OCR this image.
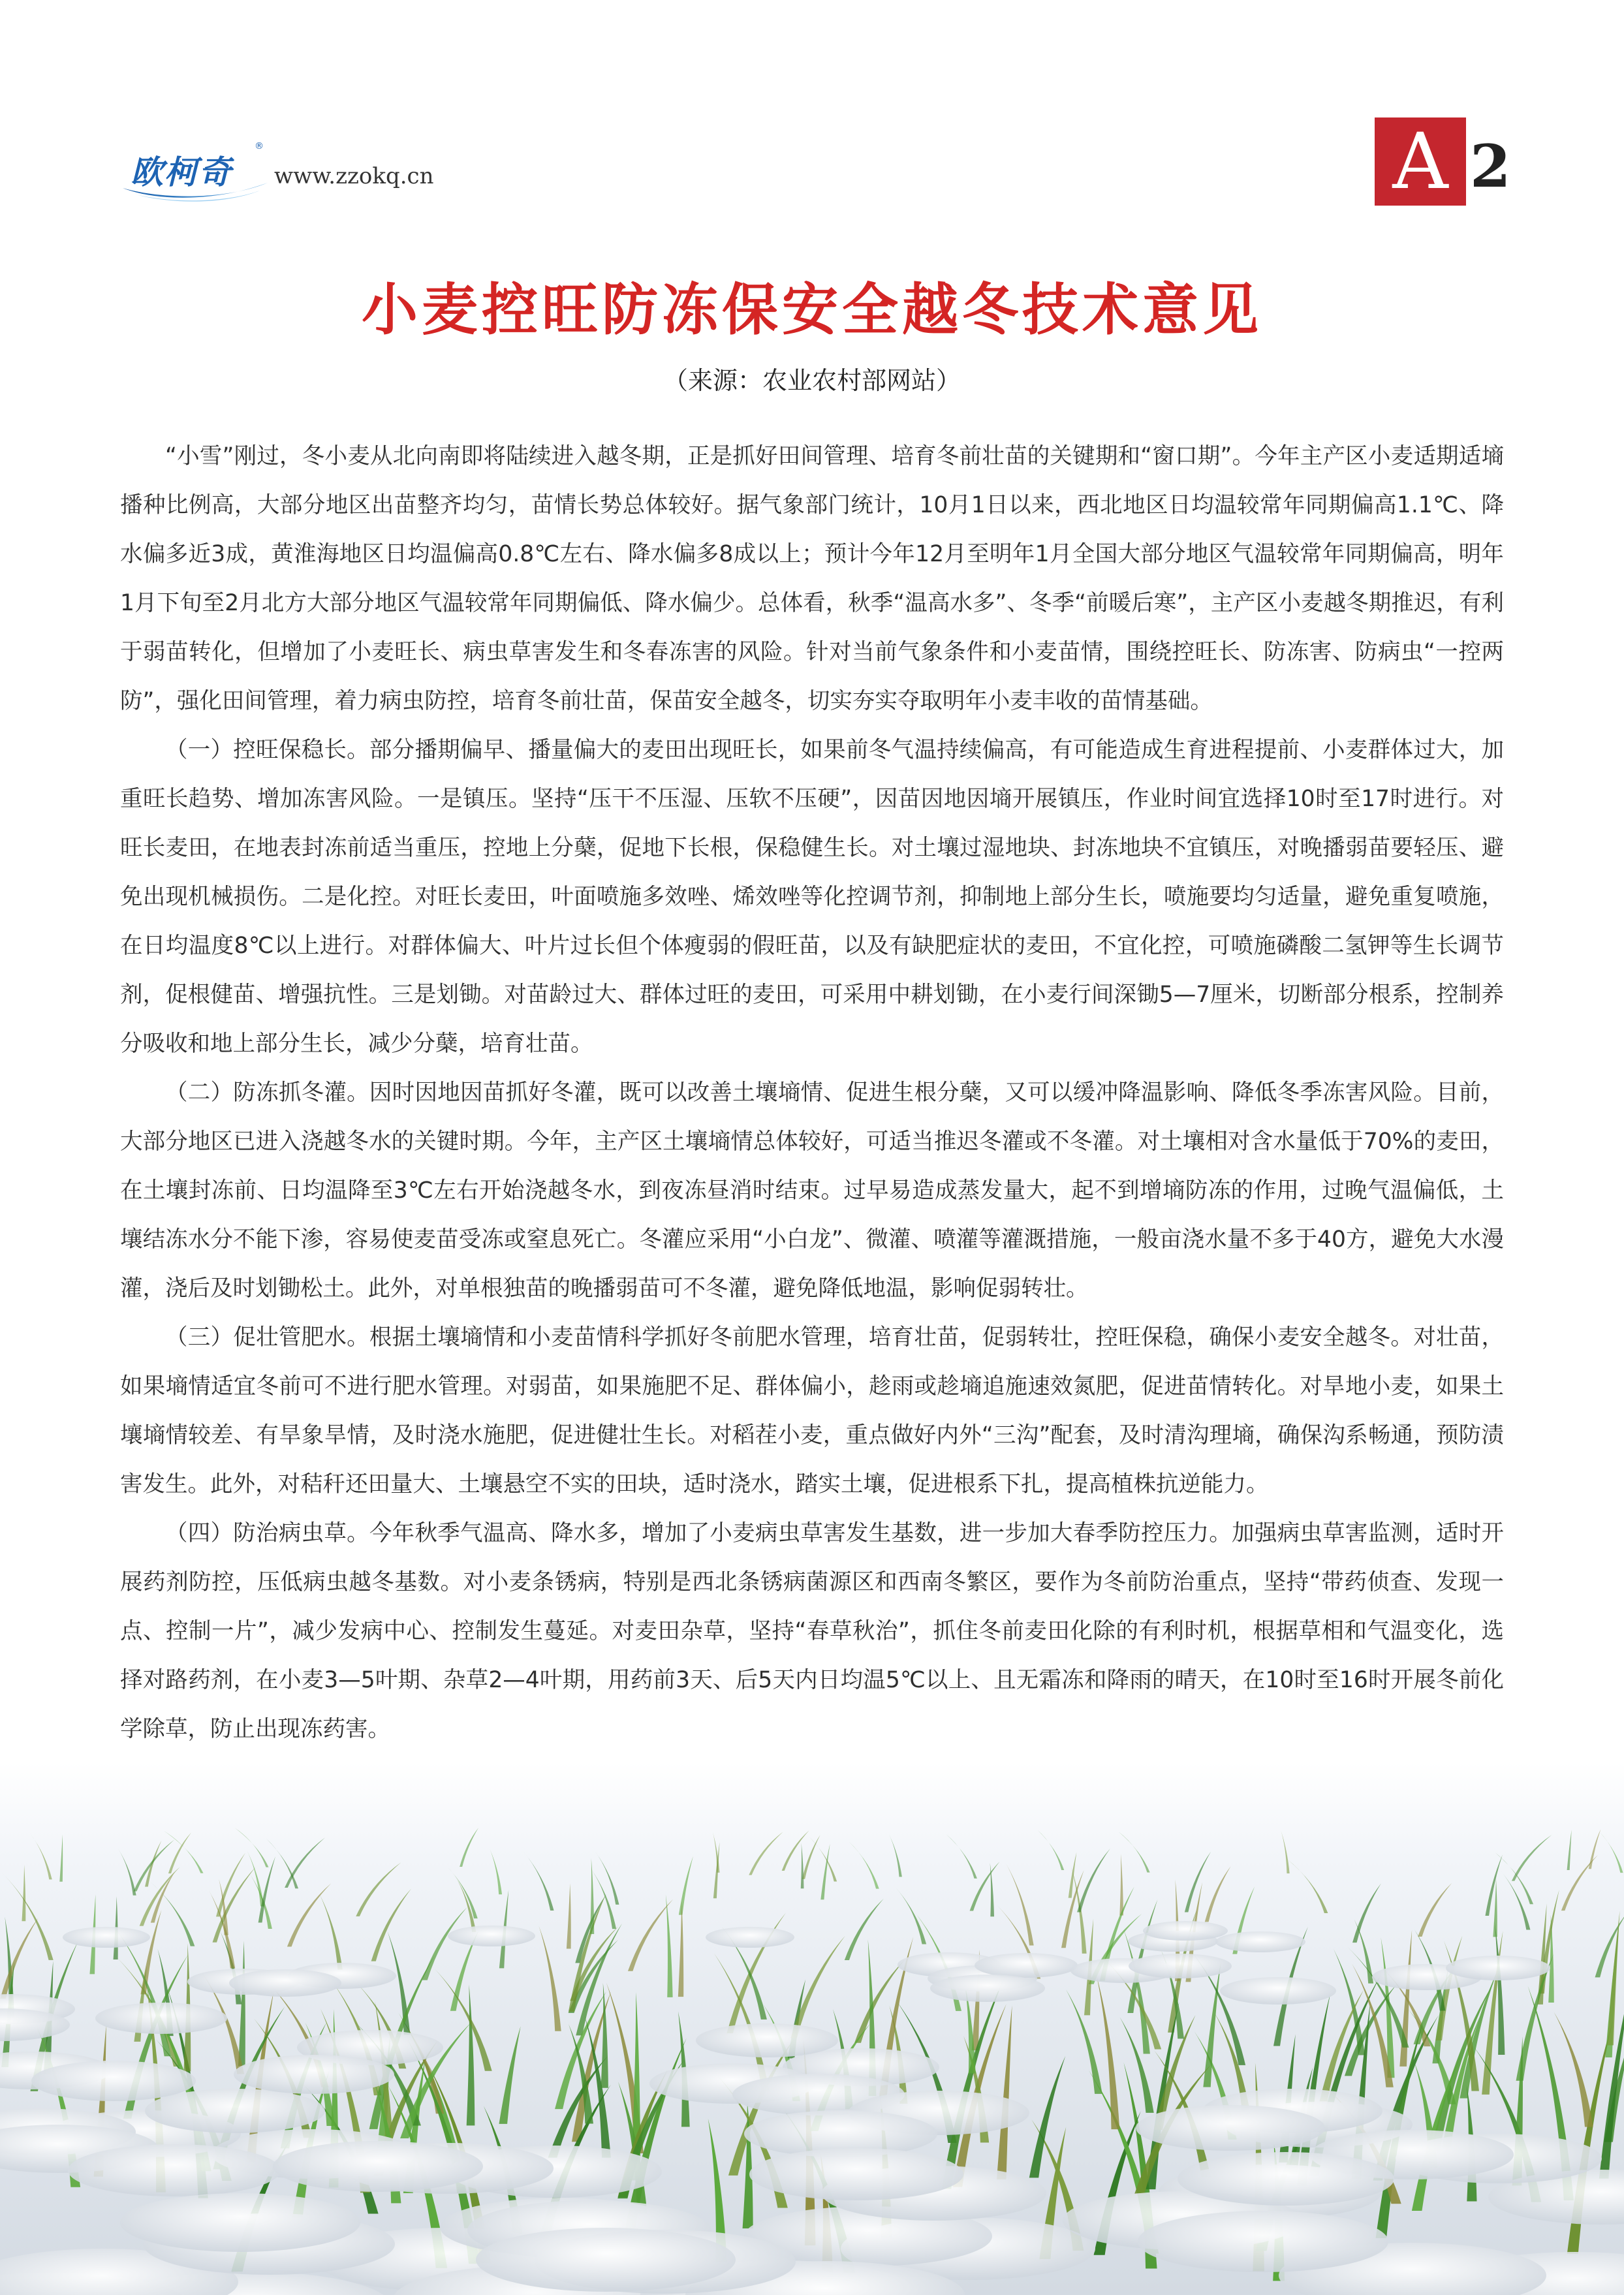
欧柯奇
®
www.zzokq.cn	A 2
小麦控旺防冻保安全越冬技术意见
（来源：农业农村部网站）

“小雪”刚过，冬小麦从北向南即将陆续进入越冬期，正是抓好田间管理、培育冬前壮苗的关键期和“窗口期”。今年主产区小麦适期适墒播种比例高，大部分地区出苗整齐均匀，苗情长势总体较好。据气象部门统计，10月1日以来，西北地区日均温较常年同期偏高1.1℃、降水偏多近3成，黄淮海地区日均温偏高0.8℃左右、降水偏多8成以上；预计今年12月至明年1月全国大部分地区气温较常年同期偏高，明年1月下旬至2月北方大部分地区气温较常年同期偏低、降水偏少。总体看，秋季“温高水多”、冬季“前暖后寒”，主产区小麦越冬期推迟，有利于弱苗转化，但增加了小麦旺长、病虫草害发生和冬春冻害的风险。针对当前气象条件和小麦苗情，围绕控旺长、防冻害、防病虫“一控两防”，强化田间管理，着力病虫防控，培育冬前壮苗，保苗安全越冬，切实夯实夺取明年小麦丰收的苗情基础。

（一）控旺保稳长。部分播期偏早、播量偏大的麦田出现旺长，如果前冬气温持续偏高，有可能造成生育进程提前、小麦群体过大，加重旺长趋势、增加冻害风险。一是镇压。坚持“压干不压湿、压软不压硬”，因苗因地因墒开展镇压，作业时间宜选择10时至17时进行。对旺长麦田，在地表封冻前适当重压，控地上分蘖，促地下长根，保稳健生长。对土壤过湿地块、封冻地块不宜镇压，对晚播弱苗要轻压、避免出现机械损伤。二是化控。对旺长麦田，叶面喷施多效唑、烯效唑等化控调节剂，抑制地上部分生长，喷施要均匀适量，避免重复喷施，在日均温度8℃以上进行。对群体偏大、叶片过长但个体瘦弱的假旺苗，以及有缺肥症状的麦田，不宜化控，可喷施磷酸二氢钾等生长调节剂，促根健苗、增强抗性。三是划锄。对苗龄过大、群体过旺的麦田，可采用中耕划锄，在小麦行间深锄5—7厘米，切断部分根系，控制养分吸收和地上部分生长，减少分蘖，培育壮苗。

（二）防冻抓冬灌。因时因地因苗抓好冬灌，既可以改善土壤墒情、促进生根分蘖，又可以缓冲降温影响、降低冬季冻害风险。目前，大部分地区已进入浇越冬水的关键时期。今年，主产区土壤墒情总体较好，可适当推迟冬灌或不冬灌。对土壤相对含水量低于70%的麦田，在土壤封冻前、日均温降至3℃左右开始浇越冬水，到夜冻昼消时结束。过早易造成蒸发量大，起不到增墒防冻的作用，过晚气温偏低，土壤结冻水分不能下渗，容易使麦苗受冻或窒息死亡。冬灌应采用“小白龙”、微灌、喷灌等灌溉措施，一般亩浇水量不多于40方，避免大水漫灌，浇后及时划锄松土。此外，对单根独苗的晚播弱苗可不冬灌，避免降低地温，影响促弱转壮。

（三）促壮管肥水。根据土壤墒情和小麦苗情科学抓好冬前肥水管理，培育壮苗，促弱转壮，控旺保稳，确保小麦安全越冬。对壮苗，如果墒情适宜冬前可不进行肥水管理。对弱苗，如果施肥不足、群体偏小，趁雨或趁墒追施速效氮肥，促进苗情转化。对旱地小麦，如果土壤墒情较差、有旱象旱情，及时浇水施肥，促进健壮生长。对稻茬小麦，重点做好内外“三沟”配套，及时清沟理墒，确保沟系畅通，预防渍害发生。此外，对秸秆还田量大、土壤悬空不实的田块，适时浇水，踏实土壤，促进根系下扎，提高植株抗逆能力。

（四）防治病虫草。今年秋季气温高、降水多，增加了小麦病虫草害发生基数，进一步加大春季防控压力。加强病虫草害监测，适时开展药剂防控，压低病虫越冬基数。对小麦条锈病，特别是西北条锈病菌源区和西南冬繁区，要作为冬前防治重点，坚持“带药侦查、发现一点、控制一片”，减少发病中心、控制发生蔓延。对麦田杂草，坚持“春草秋治”，抓住冬前麦田化除的有利时机，根据草相和气温变化，选择对路药剂，在小麦3—5叶期、杂草2—4叶期，用药前3天、后5天内日均温5℃以上、且无霜冻和降雨的晴天，在10时至16时开展冬前化学除草，防止出现冻药害。
